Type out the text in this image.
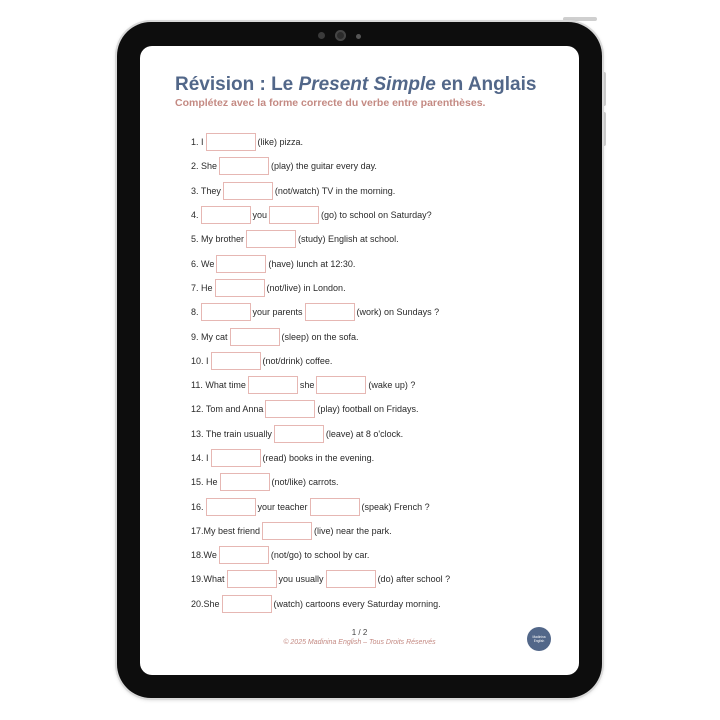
Révision : Le Present Simple en Anglais
Complétez avec la forme correcte du verbe entre parenthèses.
1. I	(like) pizza.
2. She	(play) the guitar every day.
3. They	(not/watch) TV in the morning.
4.	you	(go) to school on Saturday?
5. My brother	(study) English at school.
6. We	(have) lunch at 12:30.
7. He	(not/live) in London.
8.	your parents	(work) on Sundays ?
9. My cat	(sleep) on the sofa.
10. I	(not/drink) coffee.
11. What time	she	(wake up) ?
12. Tom and Anna	(play) football on Fridays.
13. The train usually	(leave) at 8 o'clock.
14. I	(read) books in the evening.
15. He	(not/like) carrots.
16.	your teacher	(speak) French ?
17.My best friend	(live) near the park.
18.We	(not/go) to school by car.
19.What	you usually	(do) after school ?
20.She	(watch) cartoons every Saturday morning.
1 / 2
© 2025 Madinina English – Tous Droits Réservés
Madinina
English
